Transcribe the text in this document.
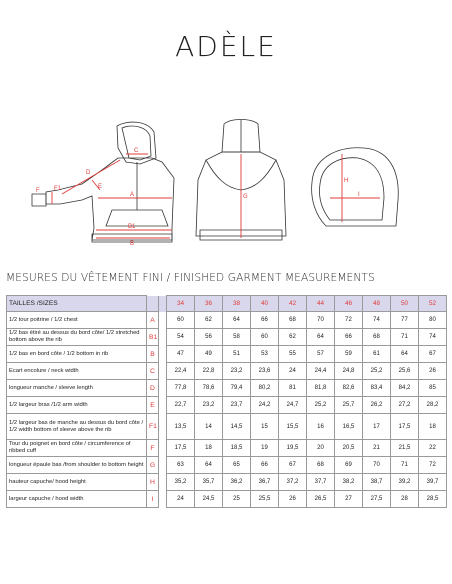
ADÈLE
A
B1
B
C
D
E
F F1
G
H
I
MESURES DU VÊTEMENT FINI / FINISHED GARMENT MEASUREMENTS
TAILLES /SIZES			34	36	38	40	42	44	46	48	50	52
1/2 tour poitrine / 1/2 chest	A		60	62	64	66	68	70	72	74	77	80
1/2 bas étiré au dessus du bord côte/ 1/2 stretched bottom above the rib	B1		54	56	58	60	62	64	66	68	71	74
1/2 bas en bord côte / 1/2 bottom in rib	B		47	49	51	53	55	57	59	61	64	67
Ecart encolure / neck width	C		22,4	22,8	23,2	23,6	24	24,4	24,8	25,2	25,6	26
longueur manche / sleeve length	D		77,8	78,6	79,4	80,2	81	81,8	82,6	83,4	84,2	85
1/2 largeur bras /1/2 arm width	E		22,7	23,2	23,7	24,2	24,7	25,2	25,7	26,2	27,2	28,2
1/2 largeur bas de manche au dessus du bord côte / 1/2 width bottom of sleeve above the rib	F1		13,5	14	14,5	15	15,5	16	16,5	17	17,5	18
Tour du poignet en bord côte / circumference of ribbed cuff	F		17,5	18	18,5	19	19,5	20	20,5	21	21,5	22
longueur épaule bas /from shoulder to bottom height	G		63	64	65	66	67	68	69	70	71	72
hauteur capuche/ hood height	H		35,2	35,7	36,2	36,7	37,2	37,7	38,2	38,7	39,2	39,7
largeur capuche / hood width	I		24	24,5	25	25,5	26	26,5	27	27,5	28	28,5
